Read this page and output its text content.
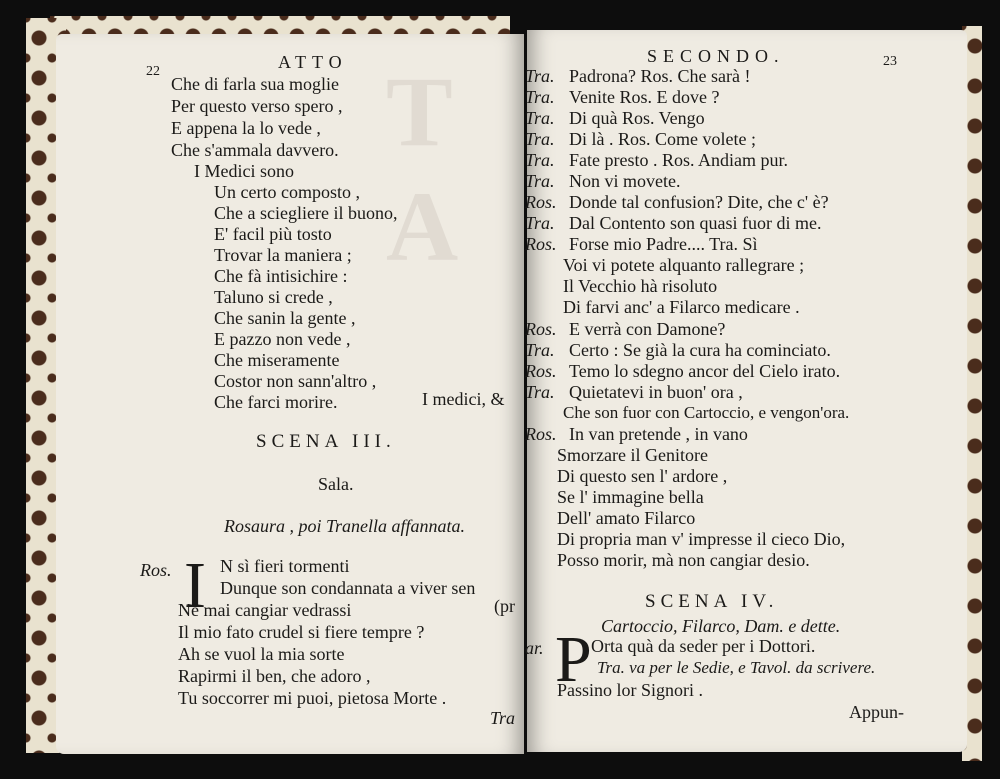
T A
22	ATTO
Che di farla sua moglie
Per questo verso spero ,
E appena la lo vede ,
Che s'ammala davvero.
I Medici sono
Un certo composto ,
Che a sciegliere il buono,
E' facil più tosto
Trovar la maniera ;
Che fà intisichire :
Taluno si crede ,
Che sanin la gente ,
E pazzo non vede ,
Che miseramente
Costor non sann'altro ,
Che farci morire.	I medici, &
SCENA III.
Sala.
Rosaura , poi Tranella affannata.
Ros. I N sì fieri tormenti
Dunque son condannata a viver sen
(pr
Nè mai cangiar vedrassi
Il mio fato crudel si fiere tempre ?
Ah se vuol la mia sorte
Rapirmi il ben, che adoro ,
Tu soccorrer mi puoi, pietosa Morte .
Tra
SECONDO.	23
Tra. Padrona? Ros. Che sarà !
Tra. Venite Ros. E dove ?
Tra. Di quà Ros. Vengo
Tra. Di là . Ros. Come volete ;
Tra. Fate presto . Ros. Andiam pur.
Tra. Non vi movete.
Ros. Donde tal confusion? Dite, che c' è?
Tra. Dal Contento son quasi fuor di me.
Ros. Forse mio Padre.... Tra. Sì
Voi vi potete alquanto rallegrare ;
Il Vecchio hà risoluto
Di farvi anc' a Filarco medicare .
Ros. E verrà con Damone?
Tra. Certo : Se già la cura ha cominciato.
Ros. Temo lo sdegno ancor del Cielo irato.
Tra. Quietatevi in buon' ora ,
Che son fuor con Cartoccio, e vengon'ora.
Ros. In van pretende , in vano
Smorzare il Genitore
Di questo sen l' ardore ,
Se l' immagine bella
Dell' amato Filarco
Di propria man v' impresse il cieco Dio,
Posso morir, mà non cangiar desio.
SCENA IV.
Cartoccio, Filarco, Dam. e dette.
ar. P Orta quà da seder per i Dottori.
Tra. va per le Sedie, e Tavol. da scrivere.
Passino lor Signori .
Appun-
